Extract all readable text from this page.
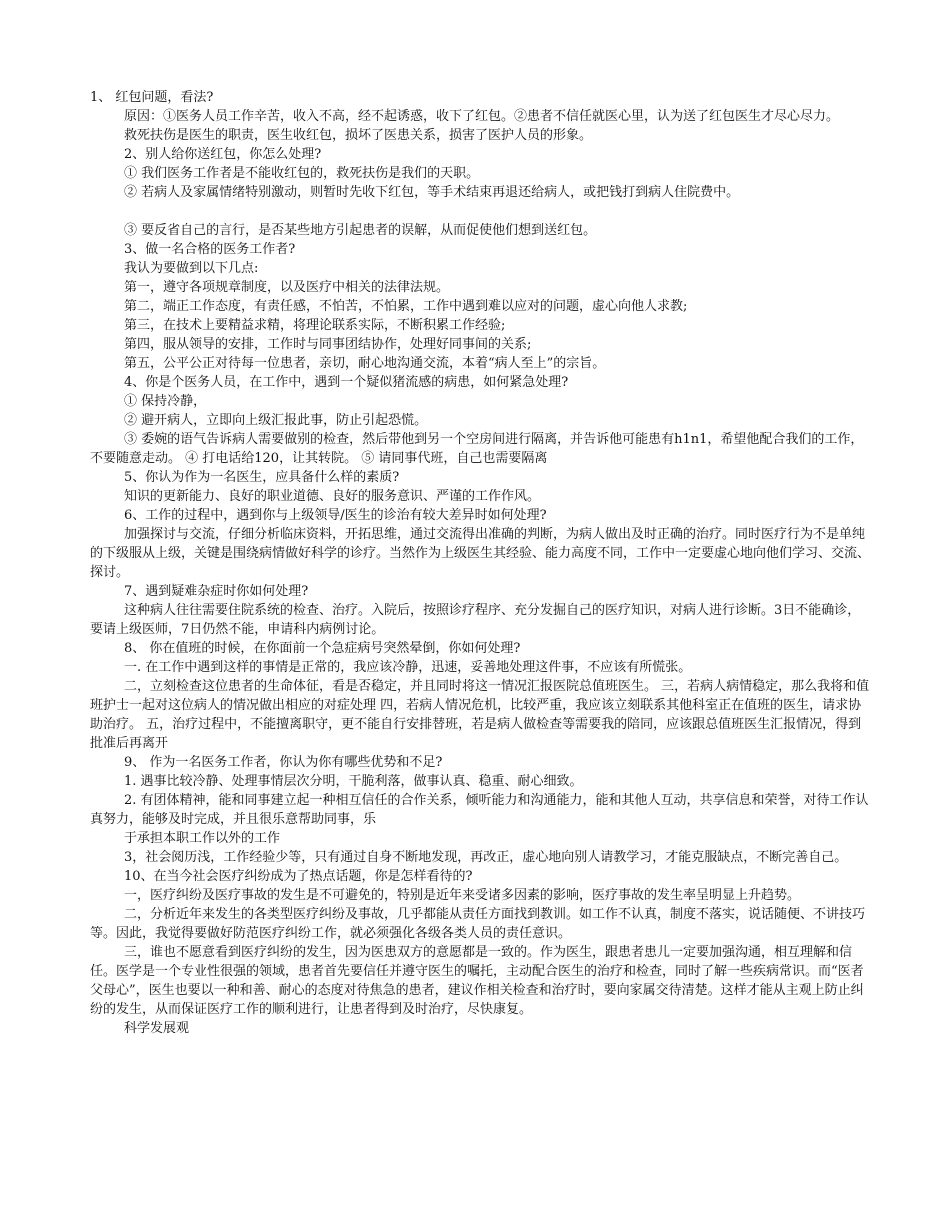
1、 红包问题，看法?

原因：①医务人员工作辛苦，收入不高，经不起诱惑，收下了红包。②患者不信任就医心里，认为送了红包医生才尽心尽力。

救死扶伤是医生的职责，医生收红包，损坏了医患关系，损害了医护人员的形象。

2、别人给你送红包，你怎么处理?

① 我们医务工作者是不能收红包的，救死扶伤是我们的天职。

② 若病人及家属情绪特别激动，则暂时先收下红包，等手术结束再退还给病人，或把钱打到病人住院费中。

③ 要反省自己的言行，是否某些地方引起患者的误解，从而促使他们想到送红包。

3、做一名合格的医务工作者?

我认为要做到以下几点:

第一，遵守各项规章制度，以及医疗中相关的法律法规。

第二，端正工作态度，有责任感，不怕苦，不怕累，工作中遇到难以应对的问题，虚心向他人求教;

第三，在技术上要精益求精，将理论联系实际，不断积累工作经验;

第四，服从领导的安排，工作时与同事团结协作，处理好同事间的关系;

第五，公平公正对待每一位患者，亲切，耐心地沟通交流，本着“病人至上”的宗旨。

4、你是个医务人员，在工作中，遇到一个疑似猪流感的病患，如何紧急处理?

① 保持冷静，

② 避开病人，立即向上级汇报此事，防止引起恐慌。

③ 委婉的语气告诉病人需要做别的检查，然后带他到另一个空房间进行隔离，并告诉他可能患有h1n1，希望他配合我们的工作，不要随意走动。 ④ 打电话给120，让其转院。 ⑤ 请同事代班，自己也需要隔离

5、你认为作为一名医生，应具备什么样的素质?

知识的更新能力、良好的职业道德、良好的服务意识、严谨的工作作风。

6、工作的过程中，遇到你与上级领导/医生的诊治有较大差异时如何处理?

加强探讨与交流，仔细分析临床资料，开拓思维，通过交流得出准确的判断，为病人做出及时正确的治疗。同时医疗行为不是单纯的下级服从上级，关键是围绕病情做好科学的诊疗。当然作为上级医生其经验、能力高度不同，工作中一定要虚心地向他们学习、交流、探讨。

7、遇到疑难杂症时你如何处理?

这种病人往往需要住院系统的检查、治疗。入院后，按照诊疗程序、充分发掘自己的医疗知识，对病人进行诊断。3日不能确诊，要请上级医师，7日仍然不能，申请科内病例讨论。

8、 你在值班的时候，在你面前一个急症病号突然晕倒，你如何处理?

一. 在工作中遇到这样的事情是正常的，我应该冷静，迅速，妥善地处理这件事，不应该有所慌张。

二，立刻检查这位患者的生命体征，看是否稳定，并且同时将这一情况汇报医院总值班医生。 三，若病人病情稳定，那么我将和值班护士一起对这位病人的情况做出相应的对症处理 四，若病人情况危机，比较严重，我应该立刻联系其他科室正在值班的医生，请求协助治疗。 五，治疗过程中，不能擅离职守，更不能自行安排替班，若是病人做检查等需要我的陪同，应该跟总值班医生汇报情况，得到批准后再离开

9、 作为一名医务工作者，你认为你有哪些优势和不足?

1. 遇事比较冷静、处理事情层次分明，干脆利落，做事认真、稳重、耐心细致。

2. 有团体精神，能和同事建立起一种相互信任的合作关系，倾听能力和沟通能力，能和其他人互动，共享信息和荣誉，对待工作认真努力，能够及时完成，并且很乐意帮助同事，乐

于承担本职工作以外的工作

3，社会阅历浅，工作经验少等，只有通过自身不断地发现，再改正，虚心地向别人请教学习，才能克服缺点，不断完善自己。

10、在当今社会医疗纠纷成为了热点话题，你是怎样看待的?

一，医疗纠纷及医疗事故的发生是不可避免的，特别是近年来受诸多因素的影响，医疗事故的发生率呈明显上升趋势。

二，分析近年来发生的各类型医疗纠纷及事故，几乎都能从责任方面找到教训。如工作不认真，制度不落实，说话随便、不讲技巧等。因此，我觉得要做好防范医疗纠纷工作，就必须强化各级各类人员的责任意识。

三，谁也不愿意看到医疗纠纷的发生，因为医患双方的意愿都是一致的。作为医生，跟患者患儿一定要加强沟通，相互理解和信任。医学是一个专业性很强的领域，患者首先要信任并遵守医生的嘱托，主动配合医生的治疗和检查，同时了解一些疾病常识。而“医者父母心”，医生也要以一种和善、耐心的态度对待焦急的患者，建议作相关检查和治疗时，要向家属交待清楚。这样才能从主观上防止纠纷的发生，从而保证医疗工作的顺利进行，让患者得到及时治疗，尽快康复。

科学发展观
